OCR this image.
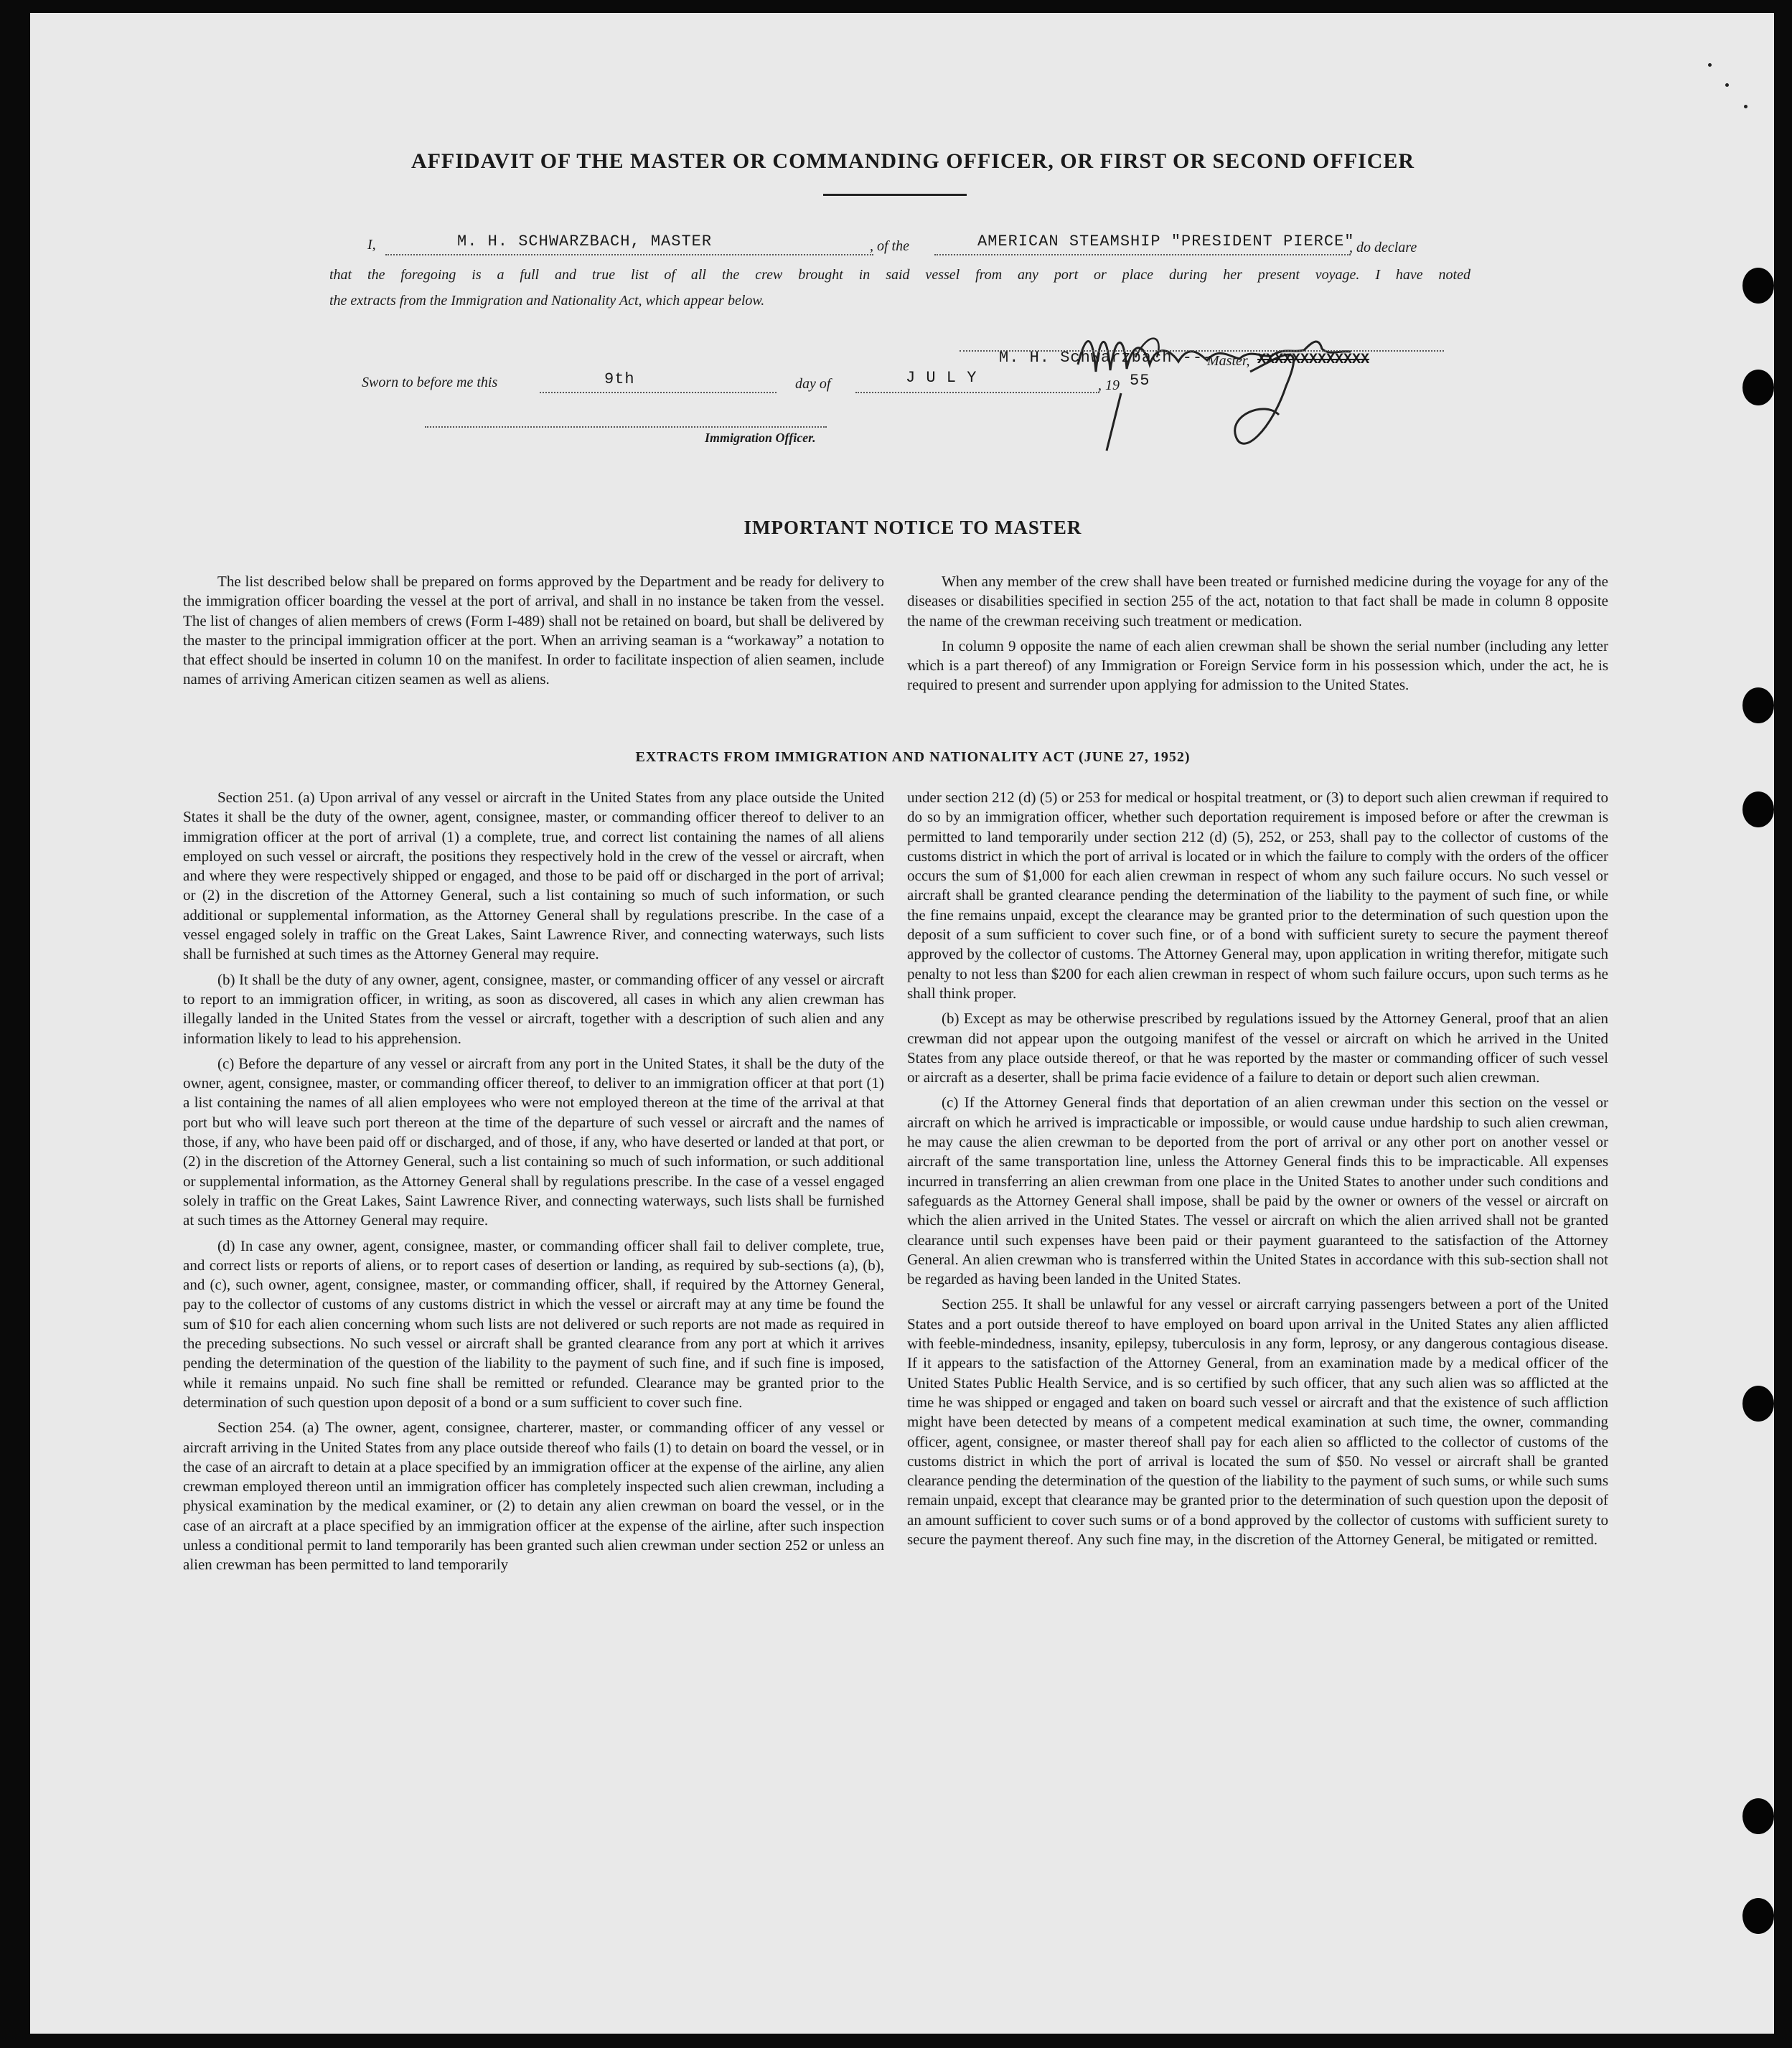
AFFIDAVIT OF THE MASTER OR COMMANDING OFFICER, OR FIRST OR SECOND OFFICER
I,	M. H. SCHWARZBACH, MASTER	, of the	AMERICAN STEAMSHIP "PRESIDENT PIERCE"
, do declare
that the foregoing is a full and true list of all the crew brought in said vessel from any port or place during her present voyage. I have noted
the extracts from the Immigration and Nationality Act, which appear below.
M. H. Schwarzbach ---
Master, XXXXXXXXXXXXX
Sworn to before me this	9th	day of	J U L Y	, 19 55
Immigration Officer.
IMPORTANT NOTICE TO MASTER

The list described below shall be prepared on forms approved by the Department and be ready for delivery to the immigration officer boarding the vessel at the port of arrival, and shall in no instance be taken from the vessel. The list of changes of alien members of crews (Form I-489) shall not be retained on board, but shall be delivered by the master to the principal immigration officer at the port. When an arriving seaman is a “workaway” a notation to that effect should be inserted in column 10 on the manifest. In order to facilitate inspection of alien seamen, include names of arriving American citizen seamen as well as aliens.

When any member of the crew shall have been treated or furnished medicine during the voyage for any of the diseases or disabilities specified in section 255 of the act, notation to that fact shall be made in column 8 opposite the name of the crewman receiving such treatment or medication.

In column 9 opposite the name of each alien crewman shall be shown the serial number (including any letter which is a part thereof) of any Immigration or Foreign Service form in his possession which, under the act, he is required to present and surrender upon applying for admission to the United States.

EXTRACTS FROM IMMIGRATION AND NATIONALITY ACT (JUNE 27, 1952)

Section 251. (a) Upon arrival of any vessel or aircraft in the United States from any place outside the United States it shall be the duty of the owner, agent, consignee, master, or commanding officer thereof to deliver to an immigration officer at the port of arrival (1) a complete, true, and correct list containing the names of all aliens employed on such vessel or aircraft, the positions they respectively hold in the crew of the vessel or aircraft, when and where they were respectively shipped or engaged, and those to be paid off or discharged in the port of arrival; or (2) in the discretion of the Attorney General, such a list containing so much of such information, or such additional or supplemental information, as the Attorney General shall by regulations prescribe. In the case of a vessel engaged solely in traffic on the Great Lakes, Saint Lawrence River, and connecting waterways, such lists shall be furnished at such times as the Attorney General may require.

(b) It shall be the duty of any owner, agent, consignee, master, or commanding officer of any vessel or aircraft to report to an immigration officer, in writing, as soon as discovered, all cases in which any alien crewman has illegally landed in the United States from the vessel or aircraft, together with a description of such alien and any information likely to lead to his apprehension.

(c) Before the departure of any vessel or aircraft from any port in the United States, it shall be the duty of the owner, agent, consignee, master, or commanding officer thereof, to deliver to an immigration officer at that port (1) a list containing the names of all alien employees who were not employed thereon at the time of the arrival at that port but who will leave such port thereon at the time of the departure of such vessel or aircraft and the names of those, if any, who have been paid off or discharged, and of those, if any, who have deserted or landed at that port, or (2) in the discretion of the Attorney General, such a list containing so much of such information, or such additional or supplemental information, as the Attorney General shall by regulations prescribe. In the case of a vessel engaged solely in traffic on the Great Lakes, Saint Lawrence River, and connecting waterways, such lists shall be furnished at such times as the Attorney General may require.

(d) In case any owner, agent, consignee, master, or commanding officer shall fail to deliver complete, true, and correct lists or reports of aliens, or to report cases of desertion or landing, as required by sub-sections (a), (b), and (c), such owner, agent, consignee, master, or commanding officer, shall, if required by the Attorney General, pay to the collector of customs of any customs district in which the vessel or aircraft may at any time be found the sum of $10 for each alien concerning whom such lists are not delivered or such reports are not made as required in the preceding subsections. No such vessel or aircraft shall be granted clearance from any port at which it arrives pending the determination of the question of the liability to the payment of such fine, and if such fine is imposed, while it remains unpaid. No such fine shall be remitted or refunded. Clearance may be granted prior to the determination of such question upon deposit of a bond or a sum sufficient to cover such fine.

Section 254. (a) The owner, agent, consignee, charterer, master, or commanding officer of any vessel or aircraft arriving in the United States from any place outside thereof who fails (1) to detain on board the vessel, or in the case of an aircraft to detain at a place specified by an immigration officer at the expense of the airline, any alien crewman employed thereon until an immigration officer has completely inspected such alien crewman, including a physical examination by the medical examiner, or (2) to detain any alien crewman on board the vessel, or in the case of an aircraft at a place specified by an immigration officer at the expense of the airline, after such inspection unless a conditional permit to land temporarily has been granted such alien crewman under section 252 or unless an alien crewman has been permitted to land temporarily

under section 212 (d) (5) or 253 for medical or hospital treatment, or (3) to deport such alien crewman if required to do so by an immigration officer, whether such deportation requirement is imposed before or after the crewman is permitted to land temporarily under section 212 (d) (5), 252, or 253, shall pay to the collector of customs of the customs district in which the port of arrival is located or in which the failure to comply with the orders of the officer occurs the sum of $1,000 for each alien crewman in respect of whom any such failure occurs. No such vessel or aircraft shall be granted clearance pending the determination of the liability to the payment of such fine, or while the fine remains unpaid, except the clearance may be granted prior to the determination of such question upon the deposit of a sum sufficient to cover such fine, or of a bond with sufficient surety to secure the payment thereof approved by the collector of customs. The Attorney General may, upon application in writing therefor, mitigate such penalty to not less than $200 for each alien crewman in respect of whom such failure occurs, upon such terms as he shall think proper.

(b) Except as may be otherwise prescribed by regulations issued by the Attorney General, proof that an alien crewman did not appear upon the outgoing manifest of the vessel or aircraft on which he arrived in the United States from any place outside thereof, or that he was reported by the master or commanding officer of such vessel or aircraft as a deserter, shall be prima facie evidence of a failure to detain or deport such alien crewman.

(c) If the Attorney General finds that deportation of an alien crewman under this section on the vessel or aircraft on which he arrived is impracticable or impossible, or would cause undue hardship to such alien crewman, he may cause the alien crewman to be deported from the port of arrival or any other port on another vessel or aircraft of the same transportation line, unless the Attorney General finds this to be impracticable. All expenses incurred in transferring an alien crewman from one place in the United States to another under such conditions and safeguards as the Attorney General shall impose, shall be paid by the owner or owners of the vessel or aircraft on which the alien arrived in the United States. The vessel or aircraft on which the alien arrived shall not be granted clearance until such expenses have been paid or their payment guaranteed to the satisfaction of the Attorney General. An alien crewman who is transferred within the United States in accordance with this sub-section shall not be regarded as having been landed in the United States.

Section 255. It shall be unlawful for any vessel or aircraft carrying passengers between a port of the United States and a port outside thereof to have employed on board upon arrival in the United States any alien afflicted with feeble-mindedness, insanity, epilepsy, tuberculosis in any form, leprosy, or any dangerous contagious disease. If it appears to the satisfaction of the Attorney General, from an examination made by a medical officer of the United States Public Health Service, and is so certified by such officer, that any such alien was so afflicted at the time he was shipped or engaged and taken on board such vessel or aircraft and that the existence of such affliction might have been detected by means of a competent medical examination at such time, the owner, commanding officer, agent, consignee, or master thereof shall pay for each alien so afflicted to the collector of customs of the customs district in which the port of arrival is located the sum of $50. No vessel or aircraft shall be granted clearance pending the determination of the question of the liability to the payment of such sums, or while such sums remain unpaid, except that clearance may be granted prior to the determination of such question upon the deposit of an amount sufficient to cover such sums or of a bond approved by the collector of customs with sufficient surety to secure the payment thereof. Any such fine may, in the discretion of the Attorney General, be mitigated or remitted.
